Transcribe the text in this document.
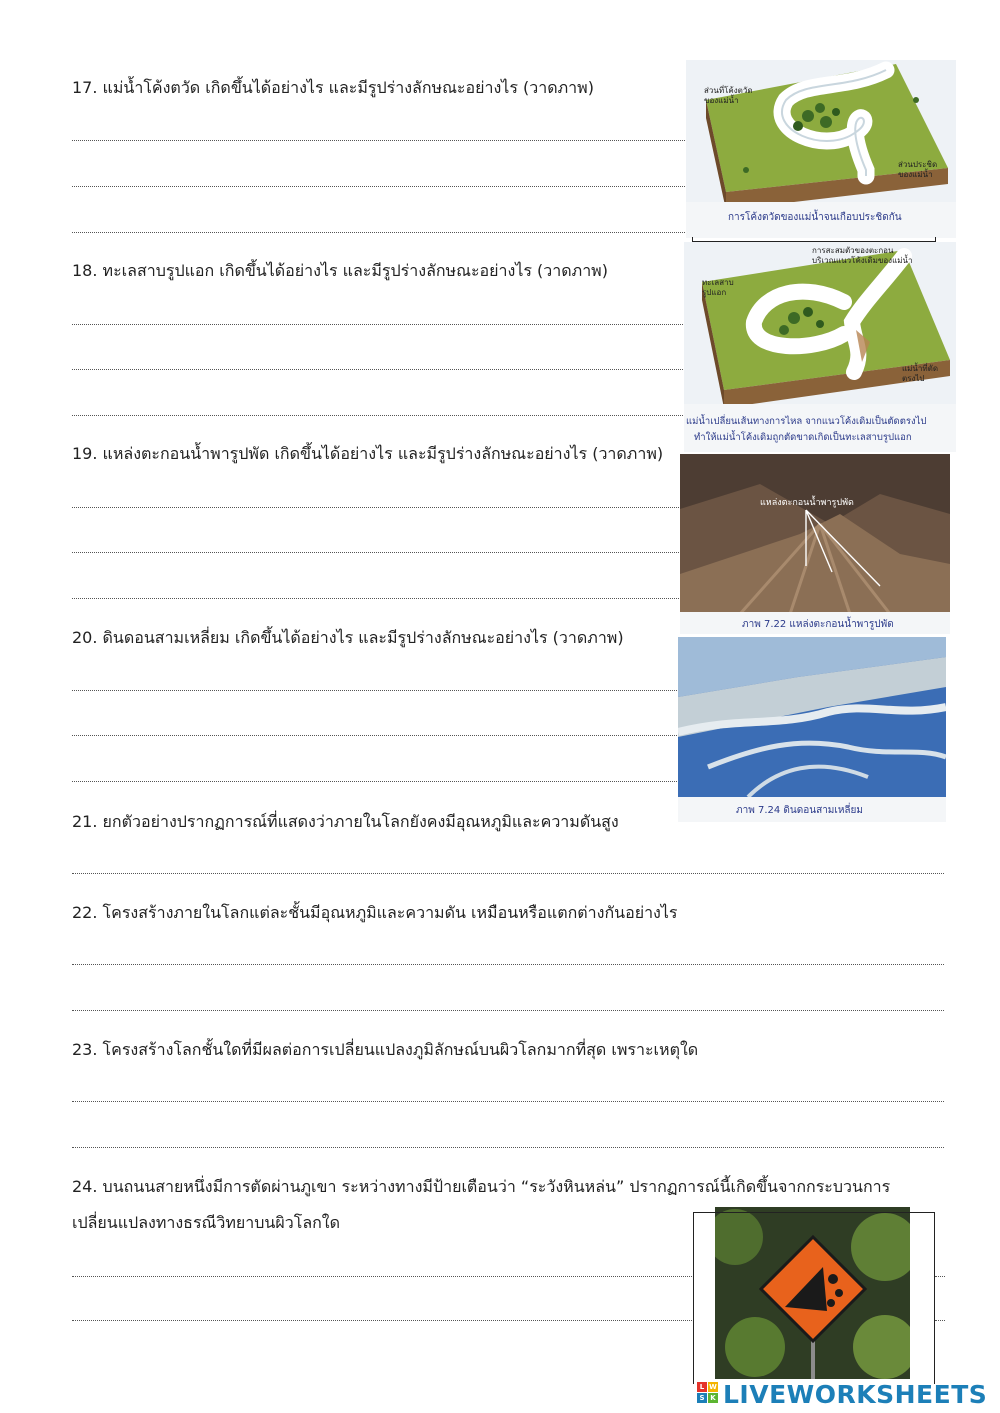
17. แม่น้ำโค้งตวัด เกิดขึ้นได้อย่างไร และมีรูปร่างลักษณะอย่างไร (วาดภาพ)
18. ทะเลสาบรูปแอก เกิดขึ้นได้อย่างไร และมีรูปร่างลักษณะอย่างไร (วาดภาพ)
19. แหล่งตะกอนน้ำพารูปพัด เกิดขึ้นได้อย่างไร และมีรูปร่างลักษณะอย่างไร (วาดภาพ)
20. ดินดอนสามเหลี่ยม เกิดขึ้นได้อย่างไร และมีรูปร่างลักษณะอย่างไร (วาดภาพ)
21. ยกตัวอย่างปรากฏการณ์ที่แสดงว่าภายในโลกยังคงมีอุณหภูมิและความดันสูง
22. โครงสร้างภายในโลกแต่ละชั้นมีอุณหภูมิและความดัน เหมือนหรือแตกต่างกันอย่างไร
23. โครงสร้างโลกชั้นใดที่มีผลต่อการเปลี่ยนแปลงภูมิลักษณ์บนผิวโลกมากที่สุด เพราะเหตุใด
24. บนถนนสายหนึ่งมีการตัดผ่านภูเขา ระหว่างทางมีป้ายเตือนว่า “ระวังหินหล่น” ปรากฏการณ์นี้เกิดขึ้นจากกระบวนการ
เปลี่ยนแปลงทางธรณีวิทยาบนผิวโลกใด
ส่วนที่โค้งตวัด
ของแม่น้ำ
ส่วนประชิด
ของแม่น้ำ
การโค้งตวัดของแม่น้ำจนเกือบประชิดกัน
การสะสมตัวของตะกอน
บริเวณแนวโค้งเดิมของแม่น้ำ
ทะเลสาบ
รูปแอก
แม่น้ำที่ตัด
ตรงไป
แม่น้ำเปลี่ยนเส้นทางการไหล จากแนวโค้งเดิมเป็นตัดตรงไป
ทำให้แม่น้ำโค้งเดิมถูกตัดขาดเกิดเป็นทะเลสาบรูปแอก
แหล่งตะกอนน้ำพารูปพัด
ภาพ 7.22 แหล่งตะกอนน้ำพารูปพัด
ภาพ 7.24 ดินดอนสามเหลี่ยม
L W
S K LIVEWORKSHEETS
